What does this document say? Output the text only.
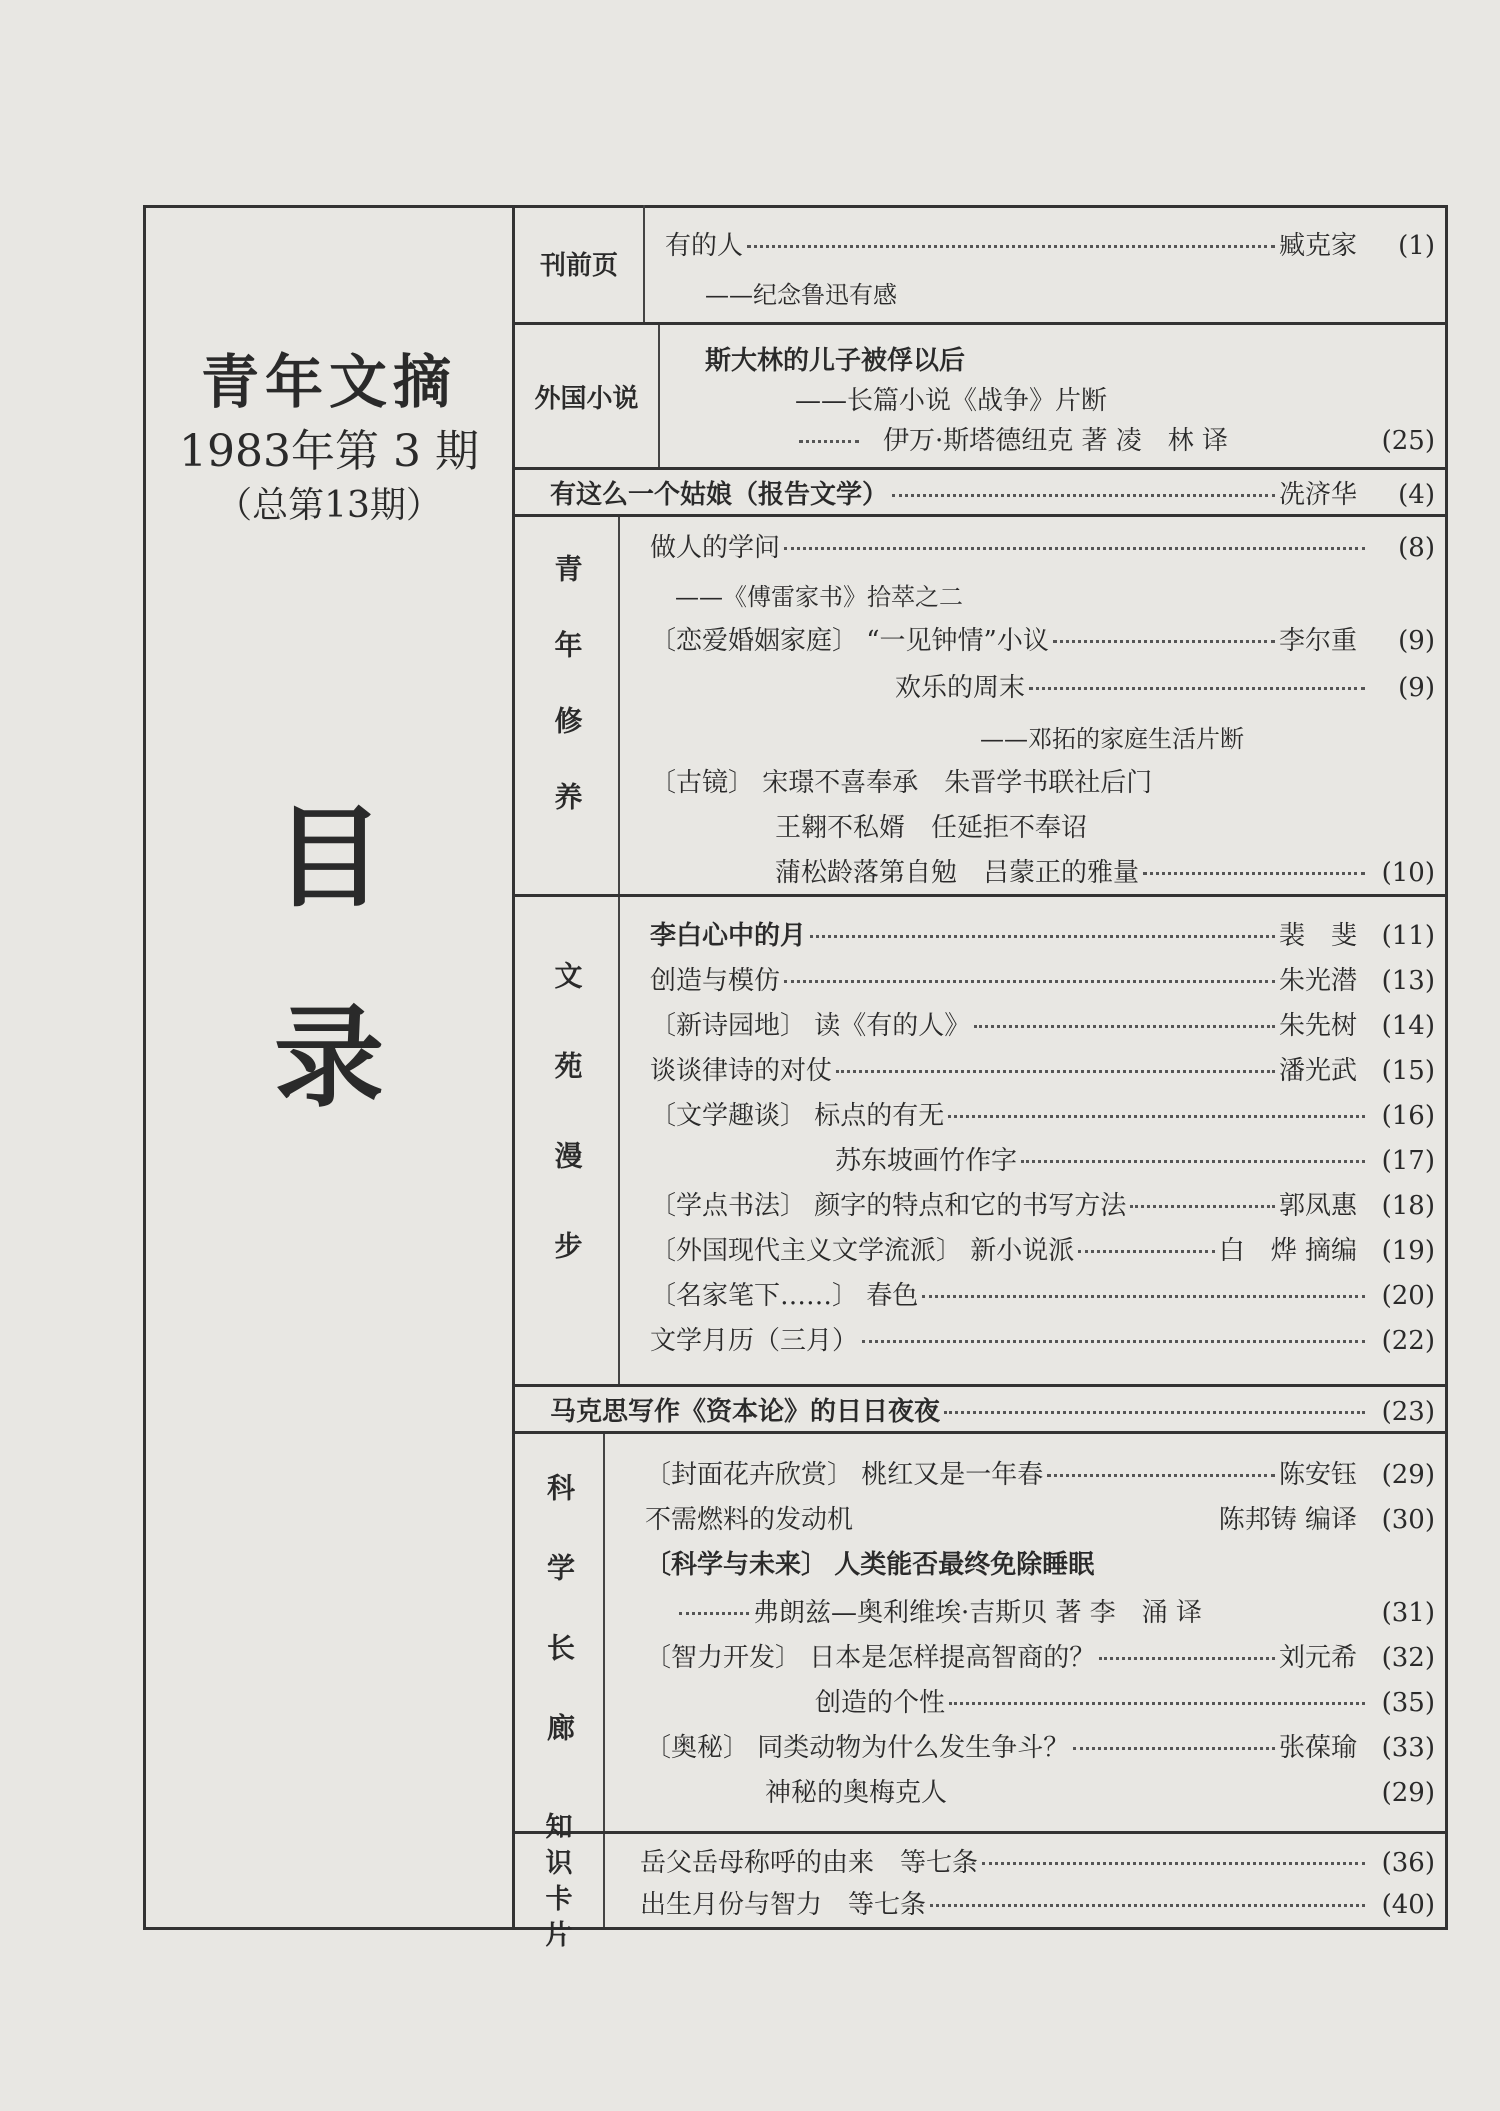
青年文摘
1983年第 3 期
（总第13期）
目
录
刊前页
有的人	臧克家	(1)
——纪念鲁迅有感
外国小说
斯大林的儿子被俘以后
——长篇小说《战争》片断
伊万·斯塔德纽克 著 凌　林 译	(25)
有这么一个姑娘（报告文学）	冼济华	(4)
青年修养
做人的学问	(8)
——《傅雷家书》拾萃之二
〔恋爱婚姻家庭〕 “一见钟情”小议	李尔重	(9)
欢乐的周末	(9)
——邓拓的家庭生活片断
〔古镜〕 宋璟不喜奉承　朱晋学书联社后门
王翱不私婿　任延拒不奉诏
蒲松龄落第自勉　吕蒙正的雅量	(10)
文苑漫步
李白心中的月	裴　斐 (11)
创造与模仿	朱光潜 (13)
〔新诗园地〕 读《有的人》	朱先树 (14)
谈谈律诗的对仗	潘光武 (15)
〔文学趣谈〕 标点的有无	(16)
苏东坡画竹作字	(17)
〔学点书法〕 颜字的特点和它的书写方法	郭凤惠 (18)
〔外国现代主义文学流派〕 新小说派	白　烨 摘编 (19)
〔名家笔下……〕 春色	(20)
文学月历（三月）	(22)
马克思写作《资本论》的日日夜夜	(23)
科学长廊	〔封面花卉欣赏〕 桃红又是一年春	陈安钰 (29)
不需燃料的发动机	陈邦铸 编译 (30)
〔科学与未来〕 人类能否最终免除睡眠
弗朗兹—奥利维埃·吉斯贝 著 李　涌 译	(31)
〔智力开发〕 日本是怎样提高智商的？	刘元希 (32)
创造的个性	(35)
〔奥秘〕 同类动物为什么发生争斗？	张葆瑜 (33)
神秘的奥梅克人	(29)
知识卡片
岳父岳母称呼的由来　等七条	(36)
出生月份与智力　等七条	(40)
